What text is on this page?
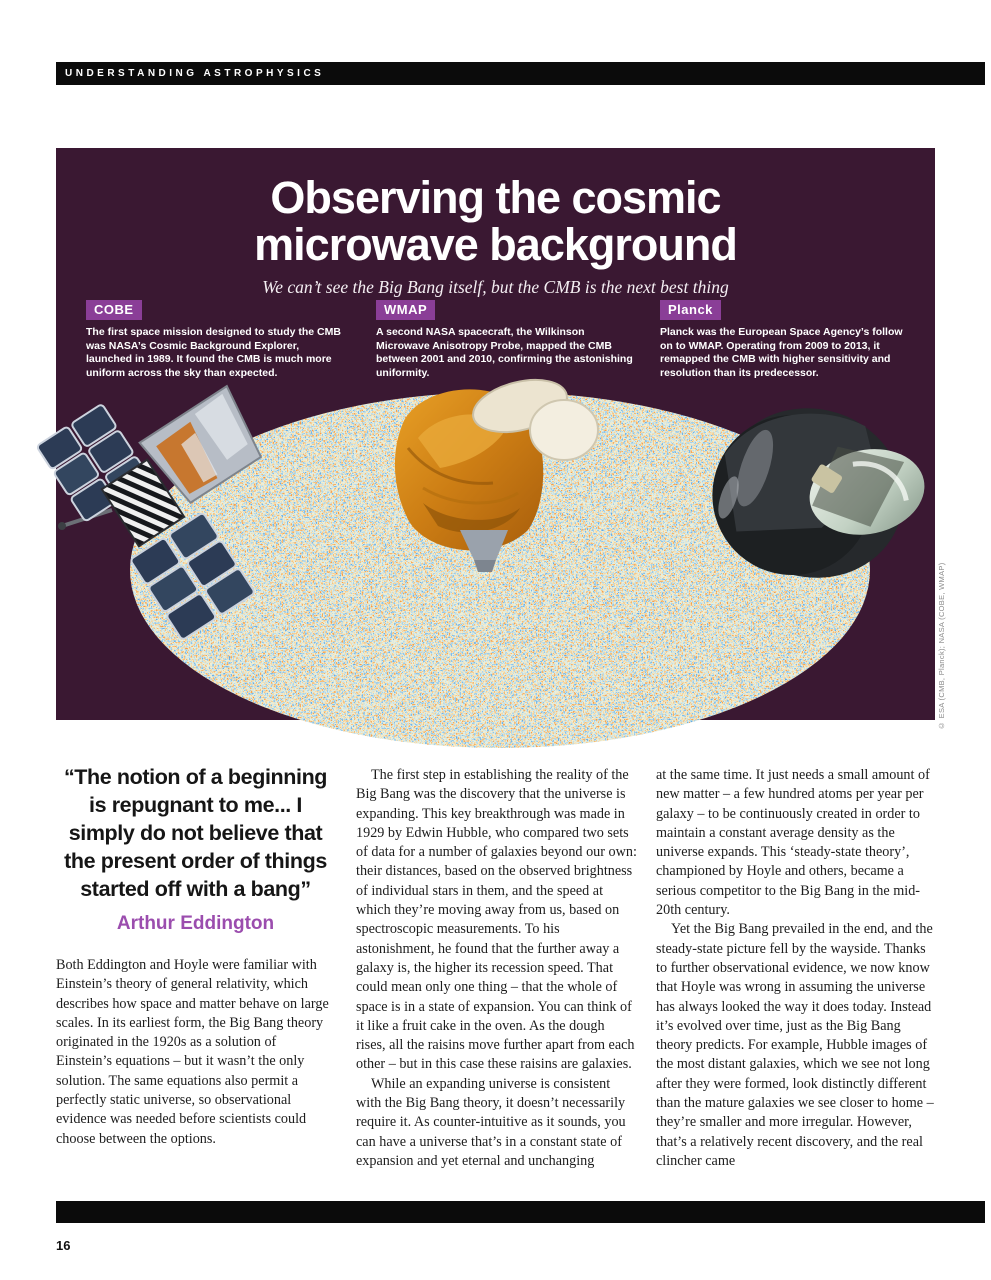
UNDERSTANDING ASTROPHYSICS
Observing the cosmic
microwave background
We can’t see the Big Bang itself, but the CMB is the next best thing
COBE

The first space mission designed to study the CMB was NASA’s Cosmic Background Explorer, launched in 1989. It found the CMB is much more uniform across the sky than expected.

WMAP

A second NASA spacecraft, the Wilkinson Microwave Anisotropy Probe, mapped the CMB between 2001 and 2010, confirming the astonishing uniformity.

Planck

Planck was the European Space Agency’s follow on to WMAP. Operating from 2009 to 2013, it remapped the CMB with higher sensitivity and resolution than its predecessor.

© ESA (CMB, Planck); NASA (COBE, WMAP)
“The notion of a beginning is repugnant to me... I simply do not believe that the present order of things started off with a bang”
Arthur Eddington

Both Eddington and Hoyle were familiar with Einstein’s theory of general relativity, which describes how space and matter behave on large scales. In its earliest form, the Big Bang theory originated in the 1920s as a solution of Einstein’s equations – but it wasn’t the only solution. The same equations also permit a perfectly static universe, so observational evidence was needed before scientists could choose between the options.

The first step in establishing the reality of the Big Bang was the discovery that the universe is expanding. This key breakthrough was made in 1929 by Edwin Hubble, who compared two sets of data for a number of galaxies beyond our own: their distances, based on the observed brightness of individual stars in them, and the speed at which they’re moving away from us, based on spectroscopic measurements. To his astonishment, he found that the further away a galaxy is, the higher its recession speed. That could mean only one thing – that the whole of space is in a state of expansion. You can think of it like a fruit cake in the oven. As the dough rises, all the raisins move further apart from each other – but in this case these raisins are galaxies.

While an expanding universe is consistent with the Big Bang theory, it doesn’t necessarily require it. As counter-intuitive as it sounds, you can have a universe that’s in a constant state of expansion and yet eternal and unchanging

at the same time. It just needs a small amount of new matter – a few hundred atoms per year per galaxy – to be continuously created in order to maintain a constant average density as the universe expands. This ‘steady-state theory’, championed by Hoyle and others, became a serious competitor to the Big Bang in the mid-20th century.

Yet the Big Bang prevailed in the end, and the steady-state picture fell by the wayside. Thanks to further observational evidence, we now know that Hoyle was wrong in assuming the universe has always looked the way it does today. Instead it’s evolved over time, just as the Big Bang theory predicts. For example, Hubble images of the most distant galaxies, which we see not long after they were formed, look distinctly different than the mature galaxies we see closer to home – they’re smaller and more irregular. However, that’s a relatively recent discovery, and the real clincher came

16
